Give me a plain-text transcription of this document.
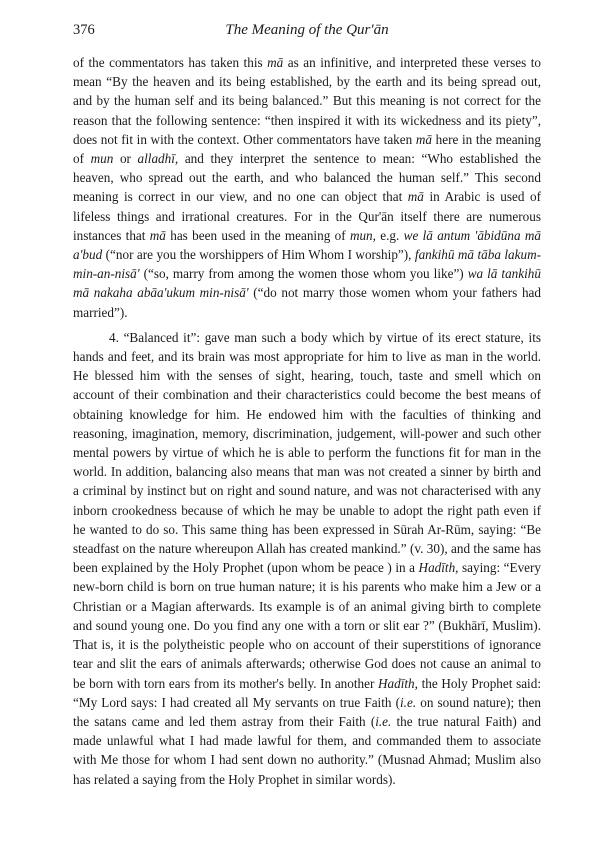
376	The Meaning of the Qur'ān

of the commentators has taken this mā as an infinitive, and interpreted these verses to mean “By the heaven and its being established, by the earth and its being spread out, and by the human self and its being balanced.” But this meaning is not correct for the reason that the following sentence: “then inspired it with its wickedness and its piety”, does not fit in with the context. Other commentators have taken mā here in the meaning of mun or alladhī, and they interpret the sentence to mean: “Who established the heaven, who spread out the earth, and who balanced the human self.” This second meaning is correct in our view, and no one can object that mā in Arabic is used of lifeless things and irrational creatures. For in the Qur'ān itself there are numerous instances that mā has been used in the meaning of mun, e.g. we lā antum 'ābidūna mā a'bud (“nor are you the worshippers of Him Whom I worship”), fankihū mā tāba lakum-min-an-nisā' (“so, marry from among the women those whom you like”) wa lā tankihū mā nakaha abāa'ukum min-nisā' (“do not marry those women whom your fathers had married”).

4. “Balanced it”: gave man such a body which by virtue of its erect stature, its hands and feet, and its brain was most appropriate for him to live as man in the world. He blessed him with the senses of sight, hearing, touch, taste and smell which on account of their combination and their characteristics could become the best means of obtaining knowledge for him. He endowed him with the faculties of thinking and reasoning, imagination, memory, discrimination, judgement, will-power and such other mental powers by virtue of which he is able to perform the functions fit for man in the world. In addition, balancing also means that man was not created a sinner by birth and a criminal by instinct but on right and sound nature, and was not characterised with any inborn crookedness because of which he may be unable to adopt the right path even if he wanted to do so. This same thing has been expressed in Sūrah Ar-Rūm, saying: “Be steadfast on the nature whereupon Allah has created mankind.” (v. 30), and the same has been explained by the Holy Prophet (upon whom be peace ) in a Hadīth, saying: “Every new-born child is born on true human nature; it is his parents who make him a Jew or a Christian or a Magian afterwards. Its example is of an animal giving birth to complete and sound young one. Do you find any one with a torn or slit ear ?” (Bukhārī, Muslim). That is, it is the polytheistic people who on account of their superstitions of ignorance tear and slit the ears of animals afterwards; otherwise God does not cause an animal to be born with torn ears from its mother's belly. In another Hadīth, the Holy Prophet said: “My Lord says: I had created all My servants on true Faith (i.e. on sound nature); then the satans came and led them astray from their Faith (i.e. the true natural Faith) and made unlawful what I had made lawful for them, and commanded them to associate with Me those for whom I had sent down no authority.” (Musnad Ahmad; Muslim also has related a saying from the Holy Prophet in similar words).
